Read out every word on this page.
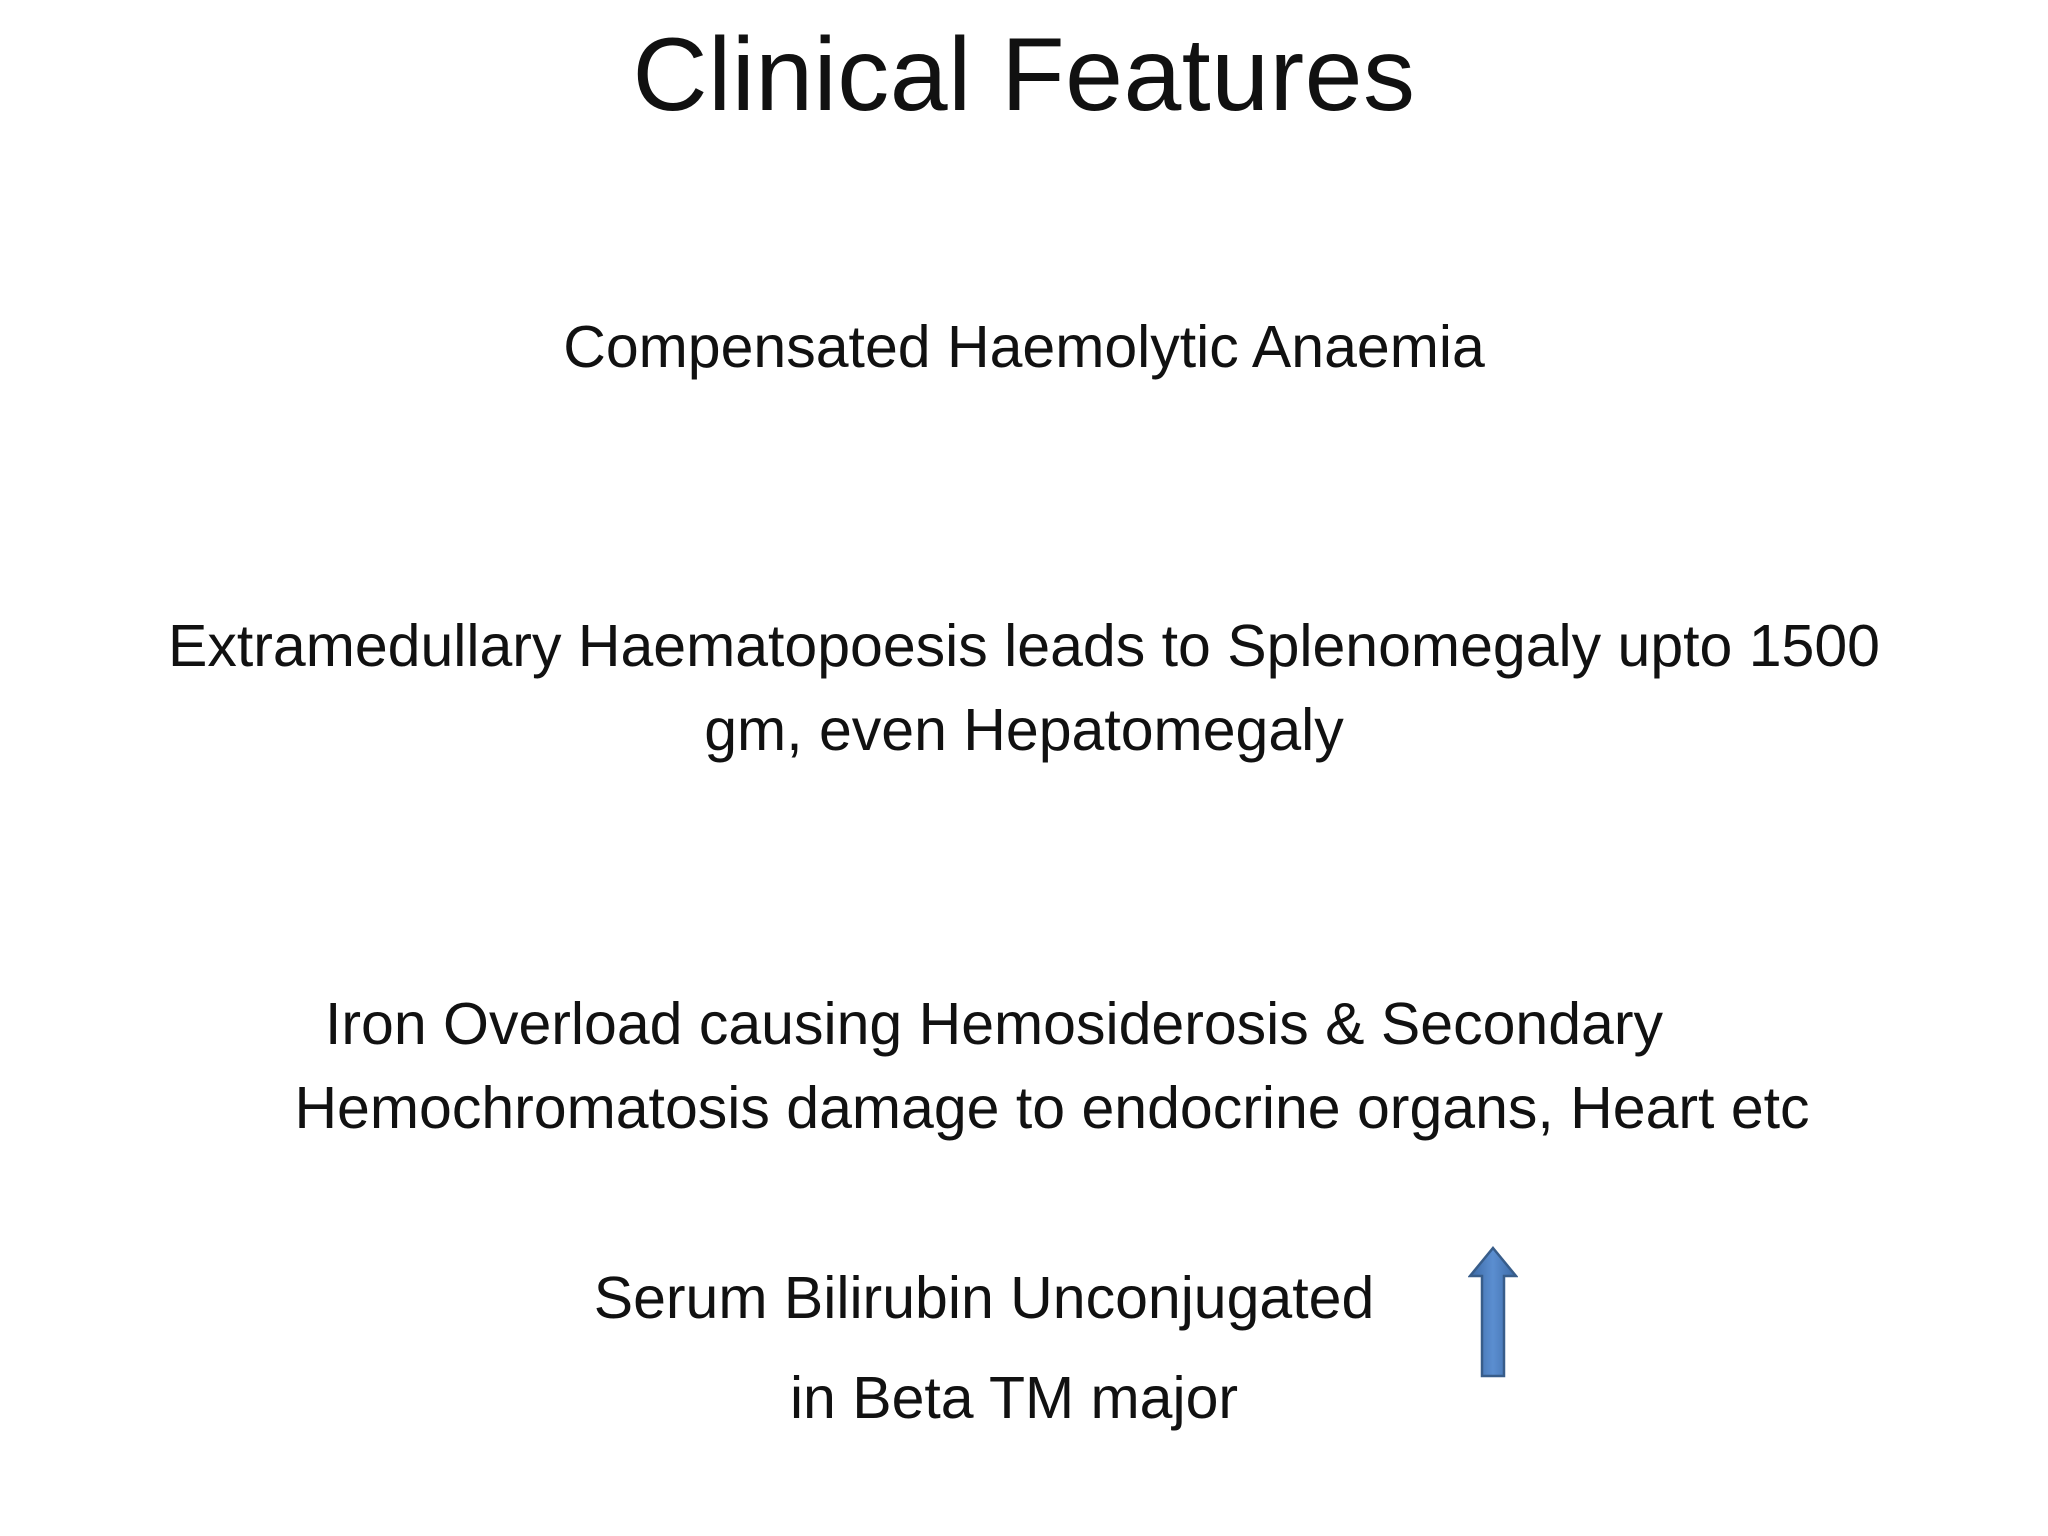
Clinical Features
Compensated Haemolytic Anaemia
Extramedullary Haematopoesis leads to Splenomegaly upto 1500
gm, even Hepatomegaly
Iron Overload causing Hemosiderosis & Secondary
Hemochromatosis damage to endocrine organs, Heart etc
Serum Bilirubin Unconjugated
in Beta TM major
